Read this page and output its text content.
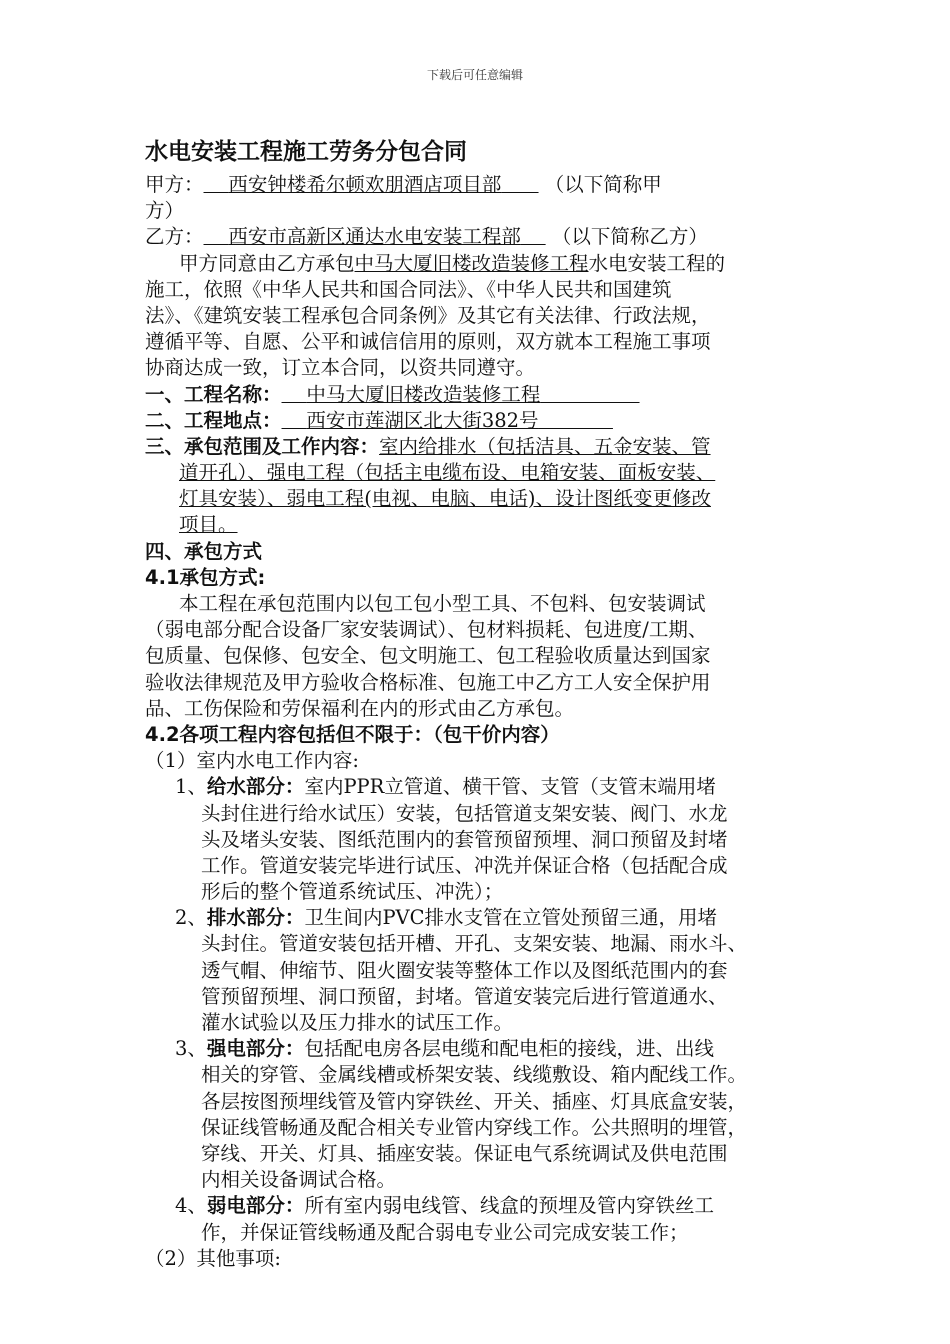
下载后可任意编辑
水电安装工程施工劳务分包合同
甲方： 西安钟楼希尔顿欢朋酒店项目部 （以下简称甲
方）
乙方： 西安市高新区通达水电安装工程部 （以下简称乙方）
甲方同意由乙方承包中马大厦旧楼改造装修工程水电安装工程的
施工，依照《中华人民共和国合同法》、《中华人民共和国建筑
法》、《建筑安装工程承包合同条例》及其它有关法律、行政法规，
遵循平等、自愿、公平和诚信信用的原则，双方就本工程施工事项
协商达成一致，订立本合同，以资共同遵守。
一、工程名称： 中马大厦旧楼改造装修工程
二、工程地点： 西安市莲湖区北大街382号
三、承包范围及工作内容：室内给排水（包括洁具、五金安装、管
道开孔）、强电工程（包括主电缆布设、电箱安装、面板安装、
灯具安装）、弱电工程(电视、电脑、电话)、设计图纸变更修改
项目。
四、承包方式
4.1承包方式:
本工程在承包范围内以包工包小型工具、不包料、包安装调试
（弱电部分配合设备厂家安装调试）、包材料损耗、包进度/工期、
包质量、包保修、包安全、包文明施工、包工程验收质量达到国家
验收法律规范及甲方验收合格标准、包施工中乙方工人安全保护用
品、工伤保险和劳保福利在内的形式由乙方承包。
4.2各项工程内容包括但不限于：（包干价内容）
（1）室内水电工作内容:
1、给水部分：室内PPR立管道、横干管、支管（支管末端用堵
头封住进行给水试压）安装，包括管道支架安装、阀门、水龙
头及堵头安装、图纸范围内的套管预留预埋、洞口预留及封堵
工作。管道安装完毕进行试压、冲洗并保证合格（包括配合成
形后的整个管道系统试压、冲洗）；
2、排水部分：卫生间内PVC排水支管在立管处预留三通，用堵
头封住。管道安装包括开槽、开孔、支架安装、地漏、雨水斗、
透气帽、伸缩节、阻火圈安装等整体工作以及图纸范围内的套
管预留预埋、洞口预留，封堵。管道安装完后进行管道通水、
灌水试验以及压力排水的试压工作。
3、强电部分：包括配电房各层电缆和配电柜的接线，进、出线
相关的穿管、金属线槽或桥架安装、线缆敷设、箱内配线工作。
各层按图预埋线管及管内穿铁丝、开关、插座、灯具底盒安装，
保证线管畅通及配合相关专业管内穿线工作。公共照明的埋管，
穿线、开关、灯具、插座安装。保证电气系统调试及供电范围
内相关设备调试合格。
4、弱电部分：所有室内弱电线管、线盒的预埋及管内穿铁丝工
作，并保证管线畅通及配合弱电专业公司完成安装工作；
（2）其他事项:
